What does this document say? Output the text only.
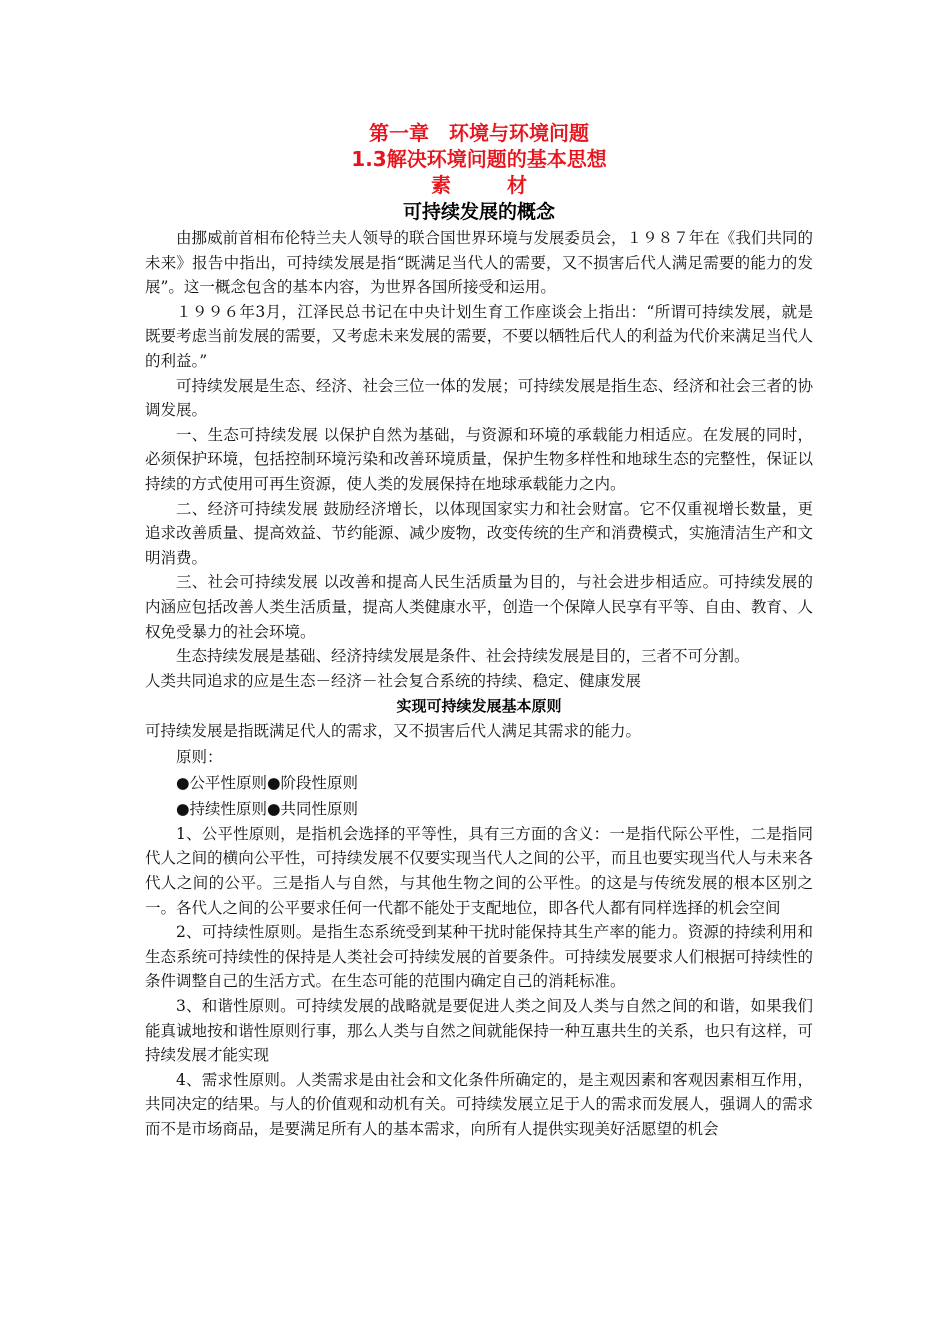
第一章　环境与环境问题
1.3解决环境问题的基本思想
素　材
可持续发展的概念

由挪威前首相布伦特兰夫人领导的联合国世界环境与发展委员会，１９８７年在《我们共同的未来》报告中指出，可持续发展是指“既满足当代人的需要，又不损害后代人满足需要的能力的发展”。这一概念包含的基本内容，为世界各国所接受和运用。

１９９６年3月，江泽民总书记在中央计划生育工作座谈会上指出：“所谓可持续发展，就是既要考虑当前发展的需要，又考虑未来发展的需要，不要以牺牲后代人的利益为代价来满足当代人的利益。”

可持续发展是生态、经济、社会三位一体的发展；可持续发展是指生态、经济和社会三者的协调发展。

一、生态可持续发展 以保护自然为基础，与资源和环境的承载能力相适应。在发展的同时，必须保护环境，包括控制环境污染和改善环境质量，保护生物多样性和地球生态的完整性，保证以持续的方式使用可再生资源，使人类的发展保持在地球承载能力之内。

二、经济可持续发展 鼓励经济增长，以体现国家实力和社会财富。它不仅重视增长数量，更追求改善质量、提高效益、节约能源、减少废物，改变传统的生产和消费模式，实施清洁生产和文明消费。

三、社会可持续发展 以改善和提高人民生活质量为目的，与社会进步相适应。可持续发展的内涵应包括改善人类生活质量，提高人类健康水平，创造一个保障人民享有平等、自由、教育、人权免受暴力的社会环境。

生态持续发展是基础、经济持续发展是条件、社会持续发展是目的，三者不可分割。

人类共同追求的应是生态－经济－社会复合系统的持续、稳定、健康发展

实现可持续发展基本原则

可持续发展是指既满足代人的需求，又不损害后代人满足其需求的能力。

原则：

●公平性原则●阶段性原则

●持续性原则●共同性原则

1、公平性原则，是指机会选择的平等性，具有三方面的含义：一是指代际公平性，二是指同代人之间的横向公平性，可持续发展不仅要实现当代人之间的公平，而且也要实现当代人与未来各代人之间的公平。三是指人与自然，与其他生物之间的公平性。的这是与传统发展的根本区别之一。各代人之间的公平要求任何一代都不能处于支配地位，即各代人都有同样选择的机会空间

2、可持续性原则。是指生态系统受到某种干扰时能保持其生产率的能力。资源的持续利用和生态系统可持续性的保持是人类社会可持续发展的首要条件。可持续发展要求人们根据可持续性的条件调整自己的生活方式。在生态可能的范围内确定自己的消耗标准。

3、和谐性原则。可持续发展的战略就是要促进人类之间及人类与自然之间的和谐，如果我们能真诚地按和谐性原则行事，那么人类与自然之间就能保持一种互惠共生的关系，也只有这样，可持续发展才能实现

4、需求性原则。人类需求是由社会和文化条件所确定的，是主观因素和客观因素相互作用，共同决定的结果。与人的价值观和动机有关。可持续发展立足于人的需求而发展人，强调人的需求而不是市场商品，是要满足所有人的基本需求，向所有人提供实现美好活愿望的机会
